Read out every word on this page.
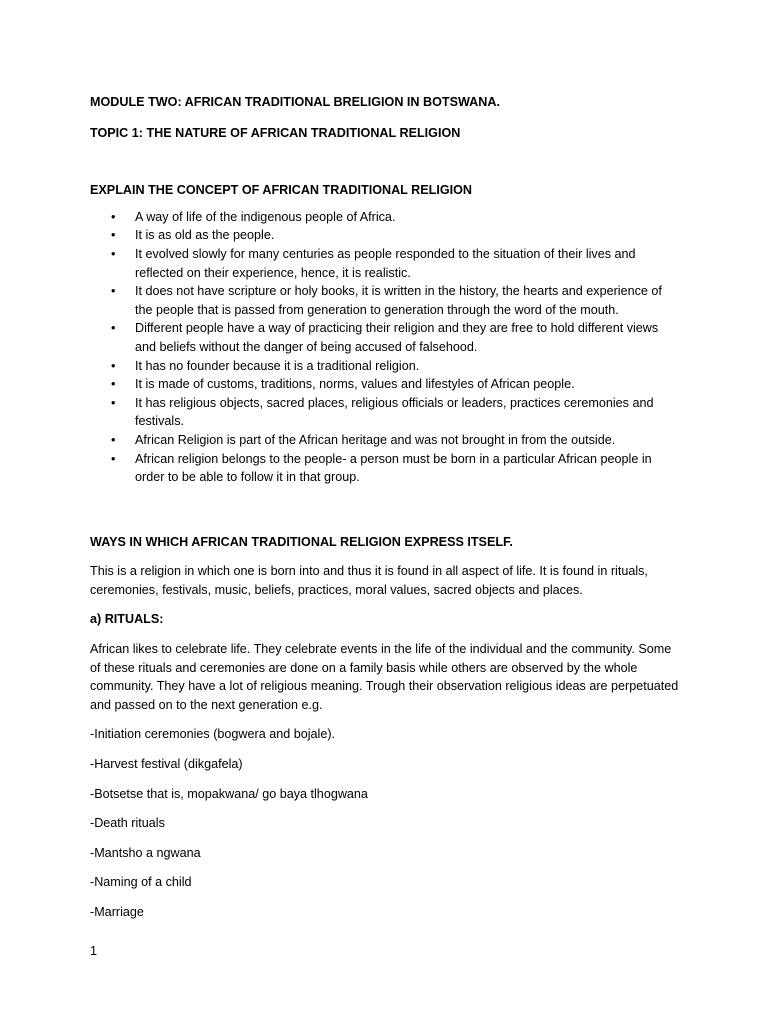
MODULE TWO: AFRICAN TRADITIONAL BRELIGION IN BOTSWANA.
TOPIC 1: THE NATURE OF AFRICAN TRADITIONAL RELIGION
EXPLAIN THE CONCEPT OF AFRICAN TRADITIONAL RELIGION
• A way of life of the indigenous people of Africa.
• It is as old as the people.
• It evolved slowly for many centuries as people responded to the situation of their lives and reflected on their experience, hence, it is realistic.
• It does not have scripture or holy books, it is written in the history, the hearts and experience of the people that is passed from generation to generation through the word of the mouth.
• Different people have a way of practicing their religion and they are free to hold different views and beliefs without the danger of being accused of falsehood.
• It has no founder because it is a traditional religion.
• It is made of customs, traditions, norms, values and lifestyles of African people.
• It has religious objects, sacred places, religious officials or leaders, practices ceremonies and festivals.
• African Religion is part of the African heritage and was not brought in from the outside.
• African religion belongs to the people- a person must be born in a particular African people in order to be able to follow it in that group.
WAYS IN WHICH AFRICAN TRADITIONAL RELIGION EXPRESS ITSELF.

This is a religion in which one is born into and thus it is found in all aspect of life. It is found in rituals, ceremonies, festivals, music, beliefs, practices, moral values, sacred objects and places.

a) RITUALS:

African likes to celebrate life. They celebrate events in the life of the individual and the community. Some of these rituals and ceremonies are done on a family basis while others are observed by the whole community. They have a lot of religious meaning. Trough their observation religious ideas are perpetuated and passed on to the next generation e.g.

-Initiation ceremonies (bogwera and bojale).
-Harvest festival (dikgafela)
-Botsetse that is, mopakwana/ go baya tlhogwana
-Death rituals
-Mantsho a ngwana
-Naming of a child
-Marriage
1
